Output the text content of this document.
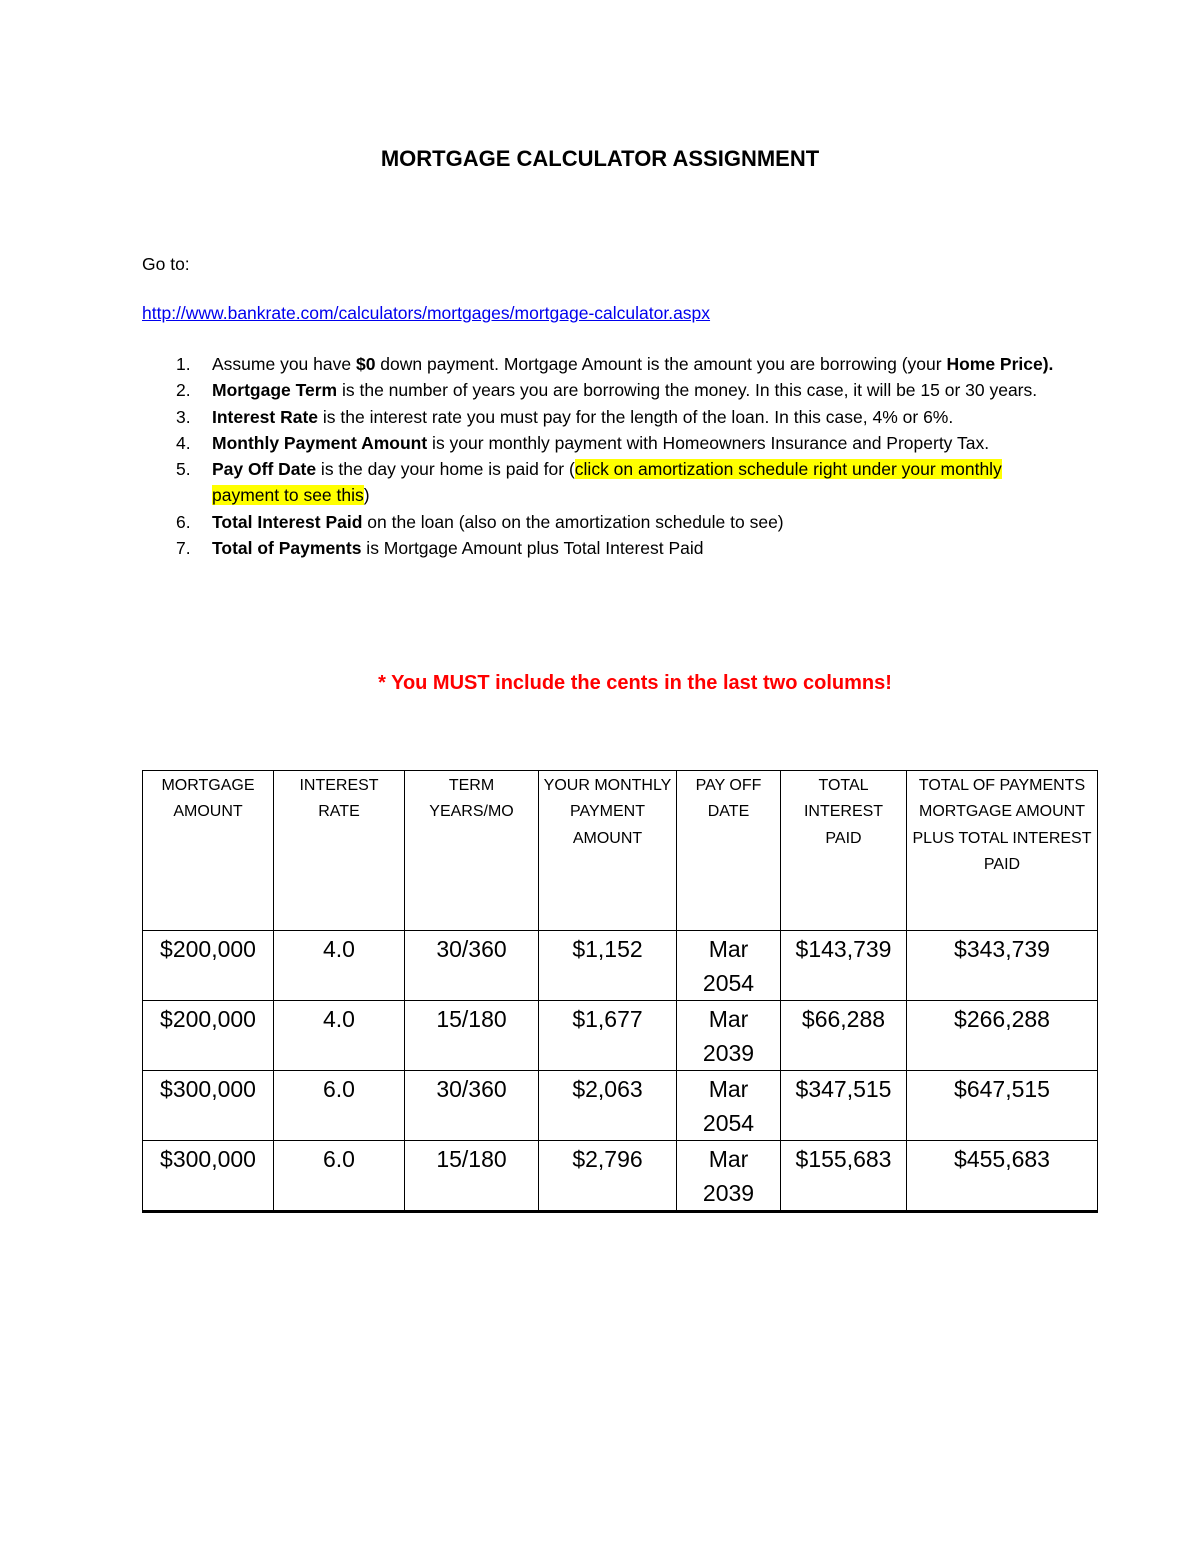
MORTGAGE CALCULATOR ASSIGNMENT
Go to:
http://www.bankrate.com/calculators/mortgages/mortgage-calculator.aspx
1. Assume you have $0 down payment. Mortgage Amount is the amount you are borrowing (your Home Price).
2. Mortgage Term is the number of years you are borrowing the money. In this case, it will be 15 or 30 years.
3. Interest Rate is the interest rate you must pay for the length of the loan. In this case, 4% or 6%.
4. Monthly Payment Amount is your monthly payment with Homeowners Insurance and Property Tax.
5. Pay Off Date is the day your home is paid for (click on amortization schedule right under your monthly payment to see this)
6. Total Interest Paid on the loan (also on the amortization schedule to see)
7. Total of Payments is Mortgage Amount plus Total Interest Paid
* You MUST include the cents in the last two columns!
MORTGAGE AMOUNT	INTEREST RATE	TERM YEARS/MO	YOUR MONTHLY PAYMENT AMOUNT	PAY OFF DATE	TOTAL INTEREST PAID	TOTAL OF PAYMENTS MORTGAGE AMOUNT PLUS TOTAL INTEREST PAID
$200,000	4.0	30/360	$1,152	Mar 2054	$143,739	$343,739
$200,000	4.0	15/180	$1,677	Mar 2039	$66,288	$266,288
$300,000	6.0	30/360	$2,063	Mar 2054	$347,515	$647,515
$300,000	6.0	15/180	$2,796	Mar 2039	$155,683	$455,683
